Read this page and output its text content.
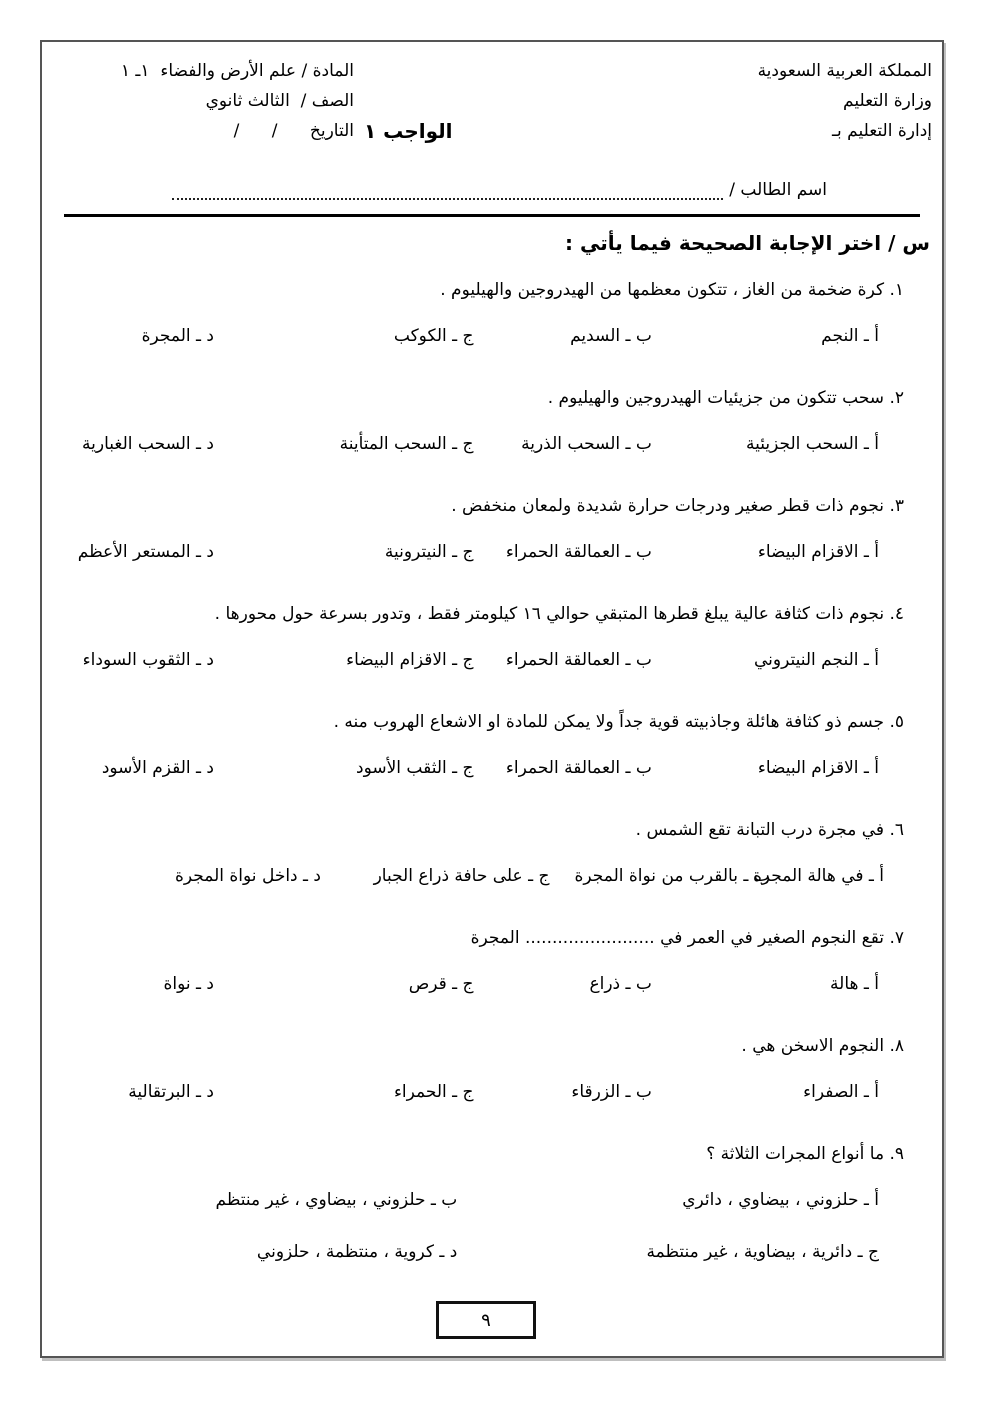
المملكة العربية السعودية
وزارة التعليم
إدارة التعليم بـ

الواجب ١
المادة / علم الأرض والفضاء  ١ـ ١
الصف /  الثالث ثانوي
التاريخ      /      /
اسم الطالب /
س / اختر الإجابة الصحيحة فيما يأتي :
١. كرة ضخمة من الغاز ، تتكون معظمها من الهيدروجين والهيليوم .
أ ـ النجم
ب ـ السديم
ج ـ الكوكب
د ـ المجرة
٢. سحب تتكون من جزيئيات الهيدروجين والهيليوم .
أ ـ السحب الجزيئية
ب ـ السحب الذرية
ج ـ السحب المتأينة
د ـ السحب الغبارية
٣. نجوم ذات قطر صغير ودرجات حرارة شديدة ولمعان منخفض .
أ ـ الاقزام البيضاء
ب ـ العمالقة الحمراء
ج ـ النيترونية
د ـ المستعر الأعظم
٤. نجوم ذات كثافة عالية يبلغ قطرها المتبقي حوالي ١٦ كيلومتر فقط ، وتدور بسرعة حول محورها .
أ ـ النجم النيتروني
ب ـ العمالقة الحمراء
ج ـ الاقزام البيضاء
د ـ الثقوب السوداء
٥. جسم ذو كثافة هائلة وجاذبيته قوية جداً ولا يمكن للمادة او الاشعاع الهروب منه .
أ ـ الاقزام البيضاء
ب ـ العمالقة الحمراء
ج ـ الثقب الأسود
د ـ القزم الأسود
٦. في مجرة درب التبانة تقع الشمس .
أ ـ في هالة المجرة
ب ـ بالقرب من نواة المجرة
ج ـ على حافة ذراع الجبار
د ـ داخل نواة المجرة
٧. تقع النجوم الصغير في العمر في ........................ المجرة
أ ـ هالة
ب ـ ذراع
ج ـ قرص
د ـ نواة
٨. النجوم الاسخن هي .
أ ـ الصفراء
ب ـ الزرقاء
ج ـ الحمراء
د ـ البرتقالية
٩. ما أنواع المجرات الثلاثة ؟
أ ـ حلزوني ، بيضاوي ، دائري
ب ـ حلزوني ، بيضاوي ، غير منتظم
ج ـ دائرية ، بيضاوية ، غير منتظمة
د ـ كروية ، منتظمة ، حلزوني
٩
